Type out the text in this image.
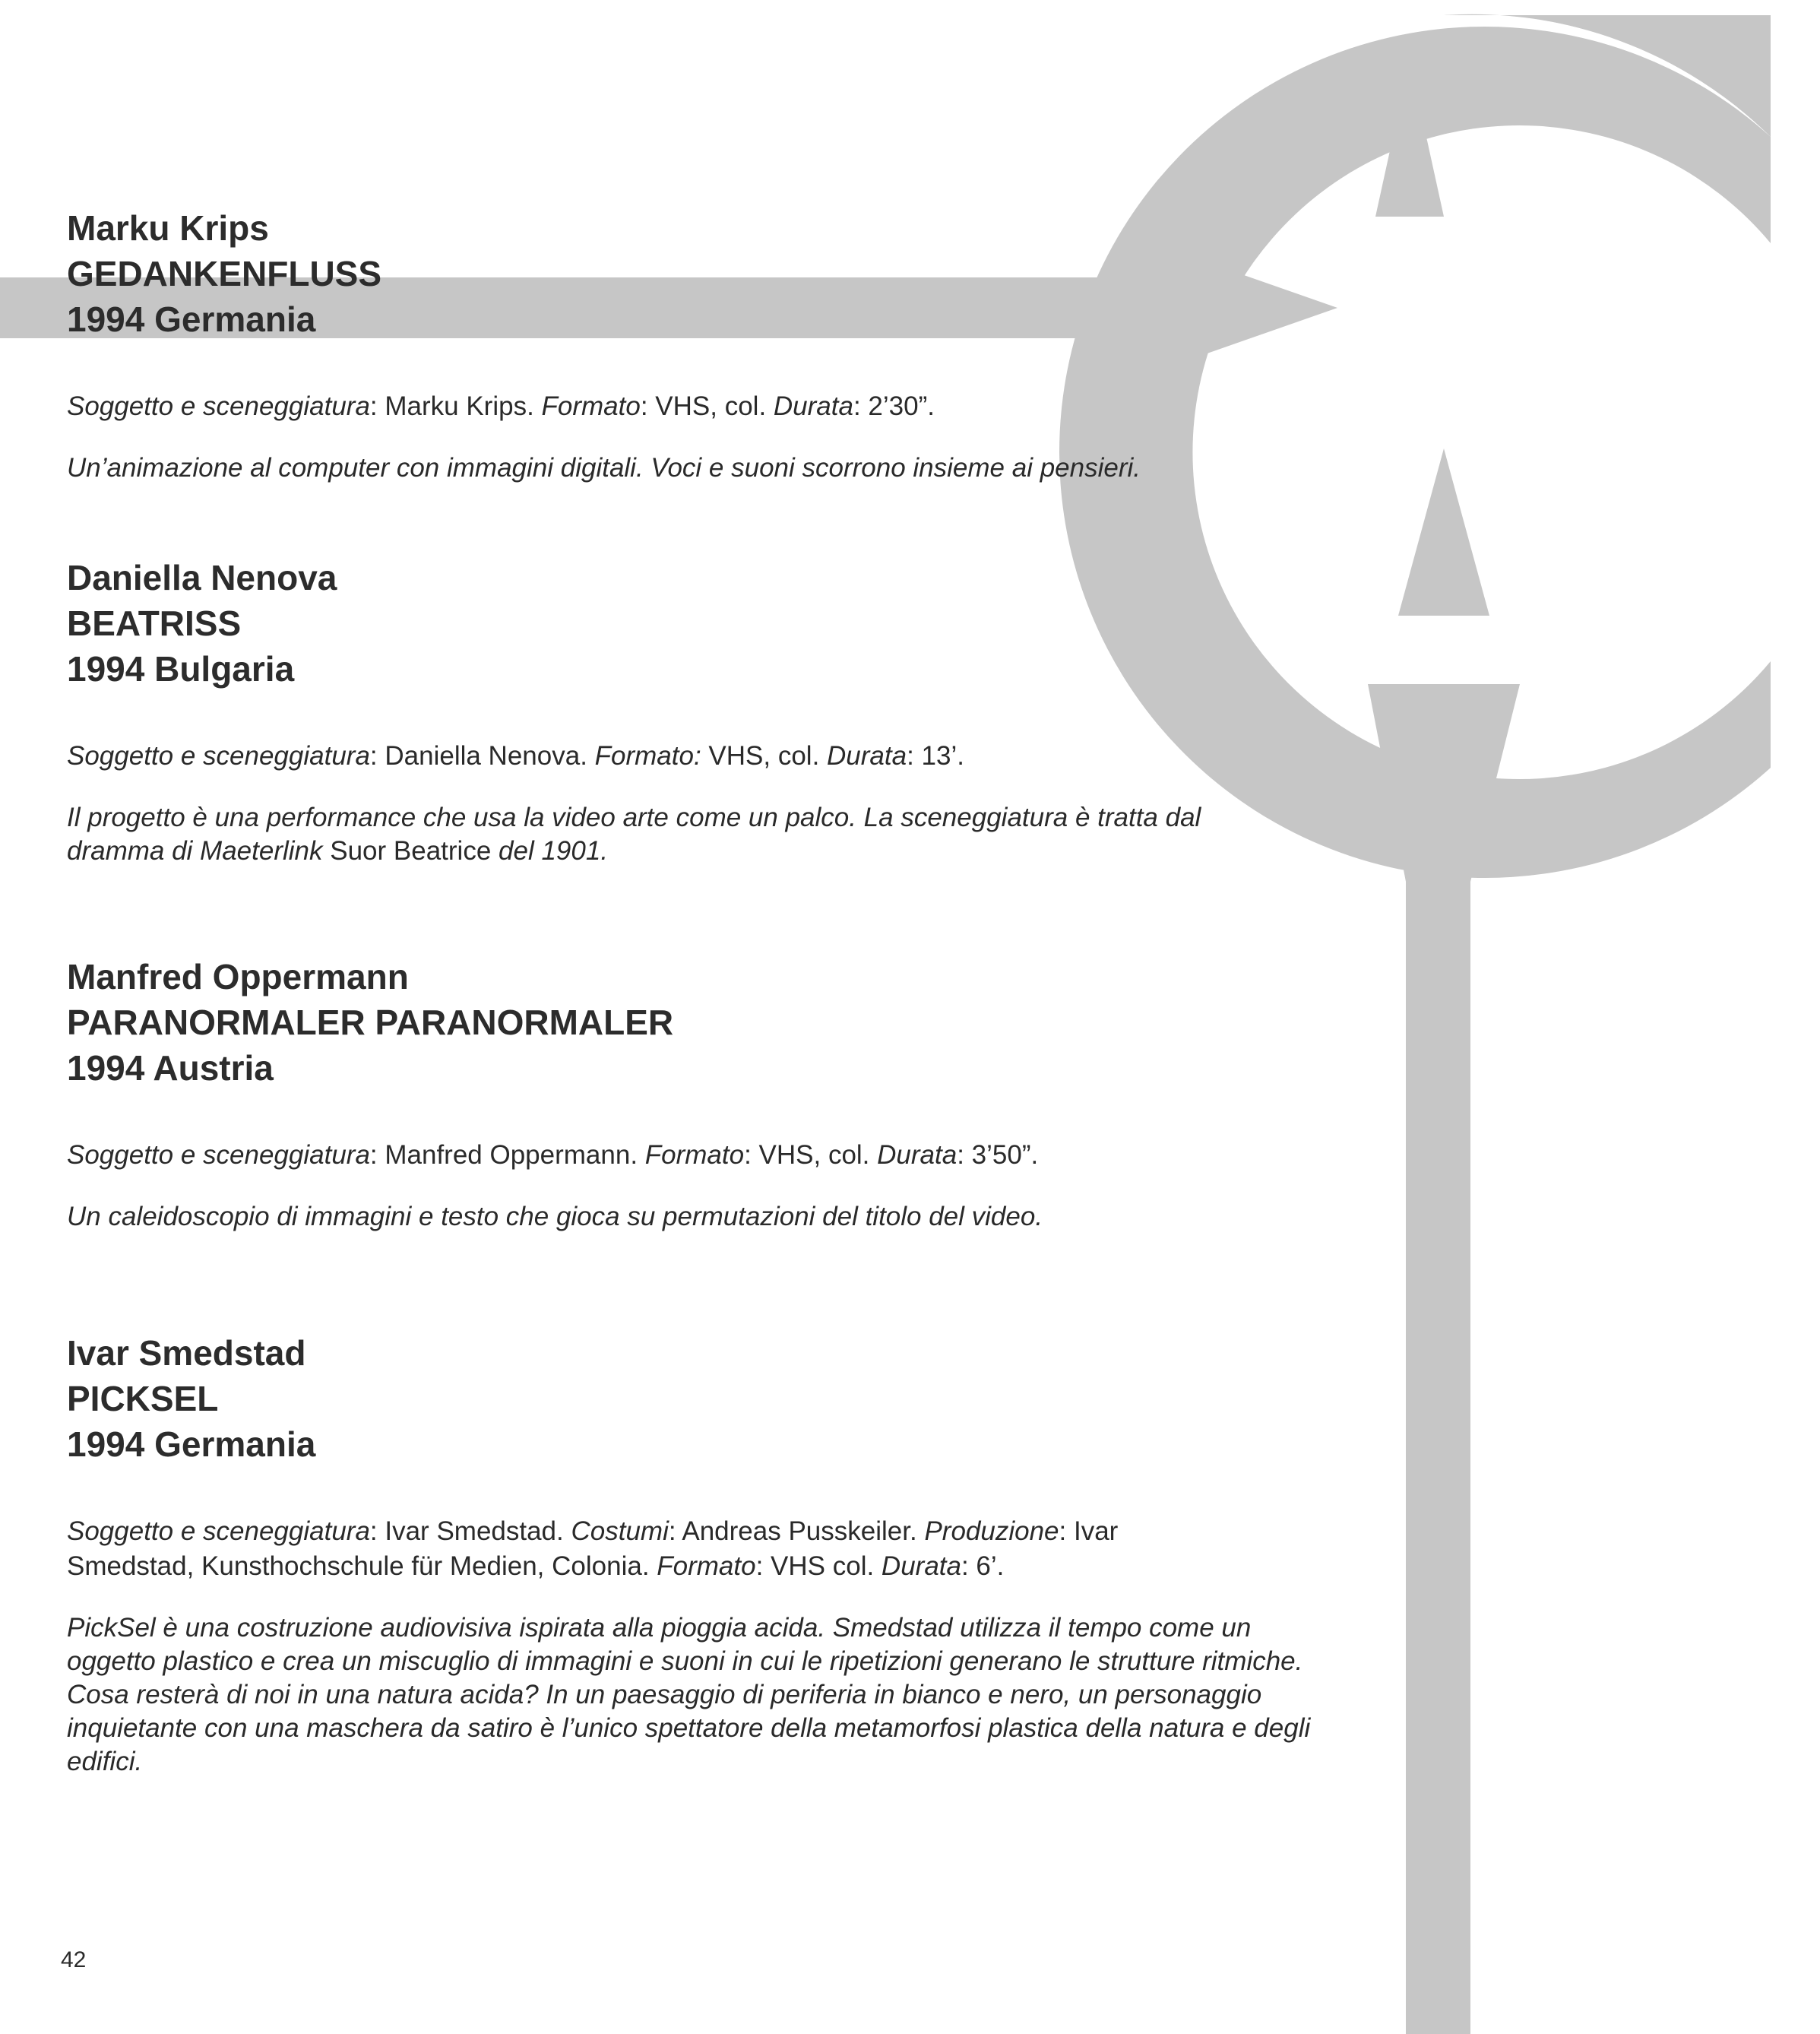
Marku Krips

GEDANKENFLUSS

1994 Germania

Soggetto e sceneggiatura: Marku Krips. Formato: VHS, col. Durata: 2’30”.

Un’animazione al computer con immagini digitali. Voci e suoni scorrono insieme ai pensieri.

Daniella Nenova

BEATRISS

1994 Bulgaria

Soggetto e sceneggiatura: Daniella Nenova. Formato: VHS, col. Durata: 13’.

Il progetto è una performance che usa la video arte come un palco. La sceneggiatura è tratta dal dramma di Maeterlink Suor Beatrice del 1901.

Manfred Oppermann

PARANORMALER PARANORMALER

1994 Austria

Soggetto e sceneggiatura: Manfred Oppermann. Formato: VHS, col. Durata: 3’50”.

Un caleidoscopio di immagini e testo che gioca su permutazioni del titolo del video.

Ivar Smedstad

PICKSEL

1994 Germania

Soggetto e sceneggiatura: Ivar Smedstad. Costumi: Andreas Pusskeiler. Produzione: Ivar Smedstad, Kunsthochschule für Medien, Colonia. Formato: VHS col. Durata: 6’.

PickSel è una costruzione audiovisiva ispirata alla pioggia acida. Smedstad utilizza il tempo come un oggetto plastico e crea un miscuglio di immagini e suoni in cui le ripetizioni generano le strutture ritmiche. Cosa resterà di noi in una natura acida? In un paesaggio di periferia in bianco e nero, un personaggio inquietante con una maschera da satiro è l’unico spettatore della metamorfosi plastica della natura e degli edifici.

42
